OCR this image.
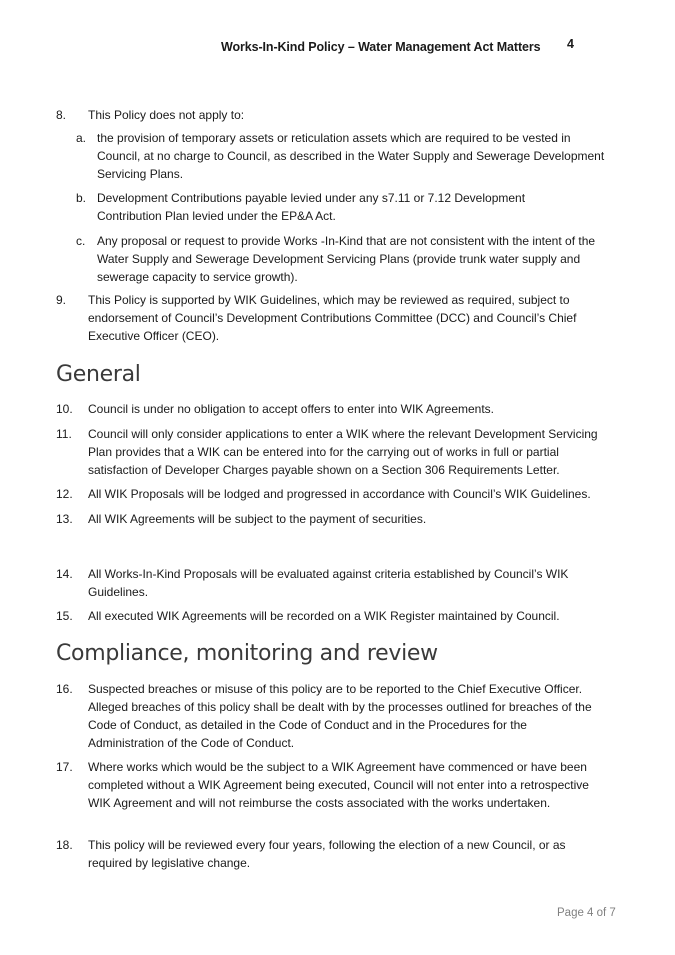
Works-In-Kind Policy – Water Management Act Matters 4
8.	This Policy does not apply to:
a. the provision of temporary assets or reticulation assets which are required to be vested in Council, at no charge to Council, as described in the Water Supply and Sewerage Development Servicing Plans.
b. Development Contributions payable levied under any s7.11 or 7.12 Development Contribution Plan levied under the EP&A Act.
c. Any proposal or request to provide Works -In-Kind that are not consistent with the intent of the Water Supply and Sewerage Development Servicing Plans (provide trunk water supply and sewerage capacity to service growth).
9.	This Policy is supported by WIK Guidelines, which may be reviewed as required, subject to endorsement of Council’s Development Contributions Committee (DCC) and Council’s Chief Executive Officer (CEO).
General
10.	Council is under no obligation to accept offers to enter into WIK Agreements.
11.	Council will only consider applications to enter a WIK where the relevant Development Servicing Plan provides that a WIK can be entered into for the carrying out of works in full or partial satisfaction of Developer Charges payable shown on a Section 306 Requirements Letter.
12.	All WIK Proposals will be lodged and progressed in accordance with Council’s WIK Guidelines.
13.	All WIK Agreements will be subject to the payment of securities.
14.	All Works-In-Kind Proposals will be evaluated against criteria established by Council’s WIK Guidelines.
15.	All executed WIK Agreements will be recorded on a WIK Register maintained by Council.
Compliance, monitoring and review
16.	Suspected breaches or misuse of this policy are to be reported to the Chief Executive Officer. Alleged breaches of this policy shall be dealt with by the processes outlined for breaches of the Code of Conduct, as detailed in the Code of Conduct and in the Procedures for the Administration of the Code of Conduct.
17.	Where works which would be the subject to a WIK Agreement have commenced or have been completed without a WIK Agreement being executed, Council will not enter into a retrospective WIK Agreement and will not reimburse the costs associated with the works undertaken.
18.	This policy will be reviewed every four years, following the election of a new Council, or as required by legislative change.
Page 4 of 7
